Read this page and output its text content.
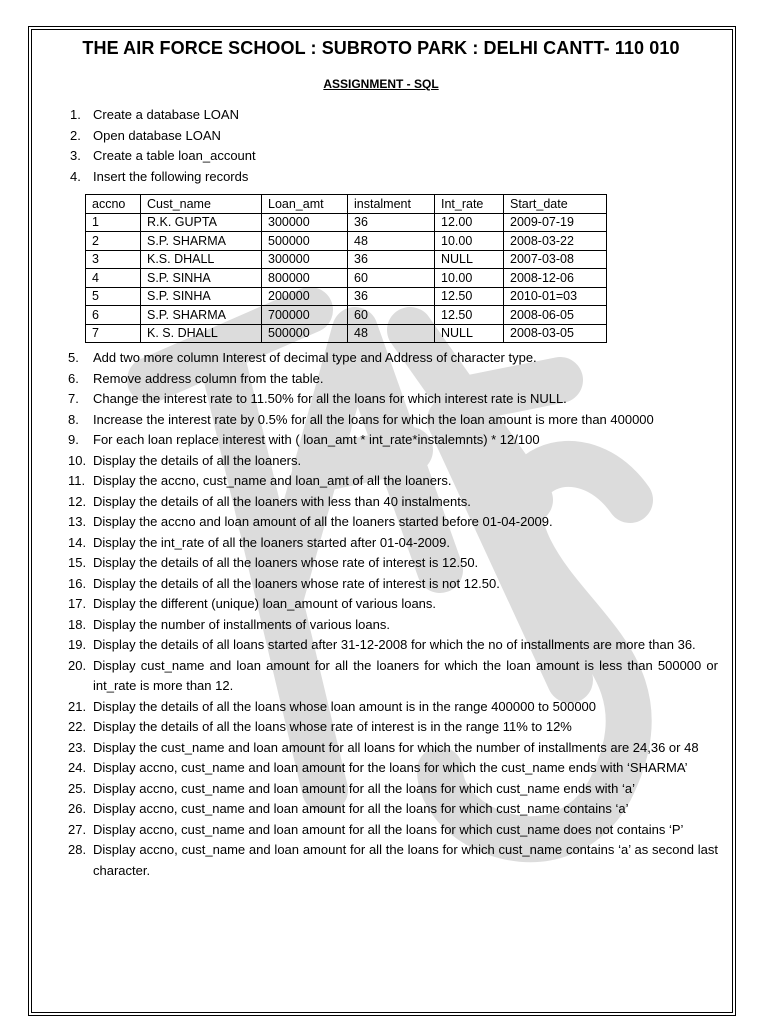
THE AIR FORCE SCHOOL : SUBROTO PARK : DELHI CANTT- 110 010
ASSIGNMENT - SQL
1. Create a database LOAN
2. Open database LOAN
3. Create a table loan_account
4. Insert the following records
accno	Cust_name	Loan_amt	instalment	Int_rate	Start_date
1	R.K. GUPTA	300000	36	12.00	2009-07-19
2	S.P. SHARMA	500000	48	10.00	2008-03-22
3	K.S. DHALL	300000	36	NULL	2007-03-08
4	S.P. SINHA	800000	60	10.00	2008-12-06
5	S.P. SINHA	200000	36	12.50	2010-01=03
6	S.P. SHARMA	700000	60	12.50	2008-06-05
7	K. S. DHALL	500000	48	NULL	2008-03-05
5. Add two more column Interest of decimal type and Address of character type.
6. Remove address column from the table.
7. Change the interest rate to 11.50% for all the loans for which interest rate is NULL.
8. Increase the interest rate by 0.5% for all the loans for which the loan amount is more than 400000
9. For each loan replace interest with ( loan_amt * int_rate*instalemnts) * 12/100
10. Display the details of all the loaners.
11. Display the accno, cust_name and loan_amt of all the loaners.
12. Display the details of all the loaners with less than 40 instalments.
13. Display the accno and loan amount of all the loaners started before 01-04-2009.
14. Display the int_rate of all the loaners started after 01-04-2009.
15. Display the details of all the loaners whose rate of interest is 12.50.
16. Display the details of all the loaners whose rate of interest is not 12.50.
17. Display the different (unique) loan_amount of various loans.
18. Display the number of installments of various loans.
19. Display the details of all loans started after 31-12-2008 for which the no of installments are more than 36.
20. Display cust_name and loan amount for all the loaners for which the loan amount is less than 500000 or int_rate is more than 12.
21. Display the details of all the loans whose loan amount is in the range 400000 to 500000
22. Display the details of all the loans whose rate of interest is in the range 11% to 12%
23. Display the cust_name and loan amount for all loans for which the number of installments are 24,36 or 48
24. Display accno, cust_name and loan amount for the loans for which the cust_name ends with ‘SHARMA’
25. Display accno, cust_name and loan amount for all the loans for which cust_name ends with ‘a’
26. Display accno, cust_name and loan amount for all the loans for which cust_name contains ‘a’
27. Display accno, cust_name and loan amount for all the loans for which cust_name does not contains ‘P’
28. Display accno, cust_name and loan amount for all the loans for which cust_name contains ‘a’ as second last character.
